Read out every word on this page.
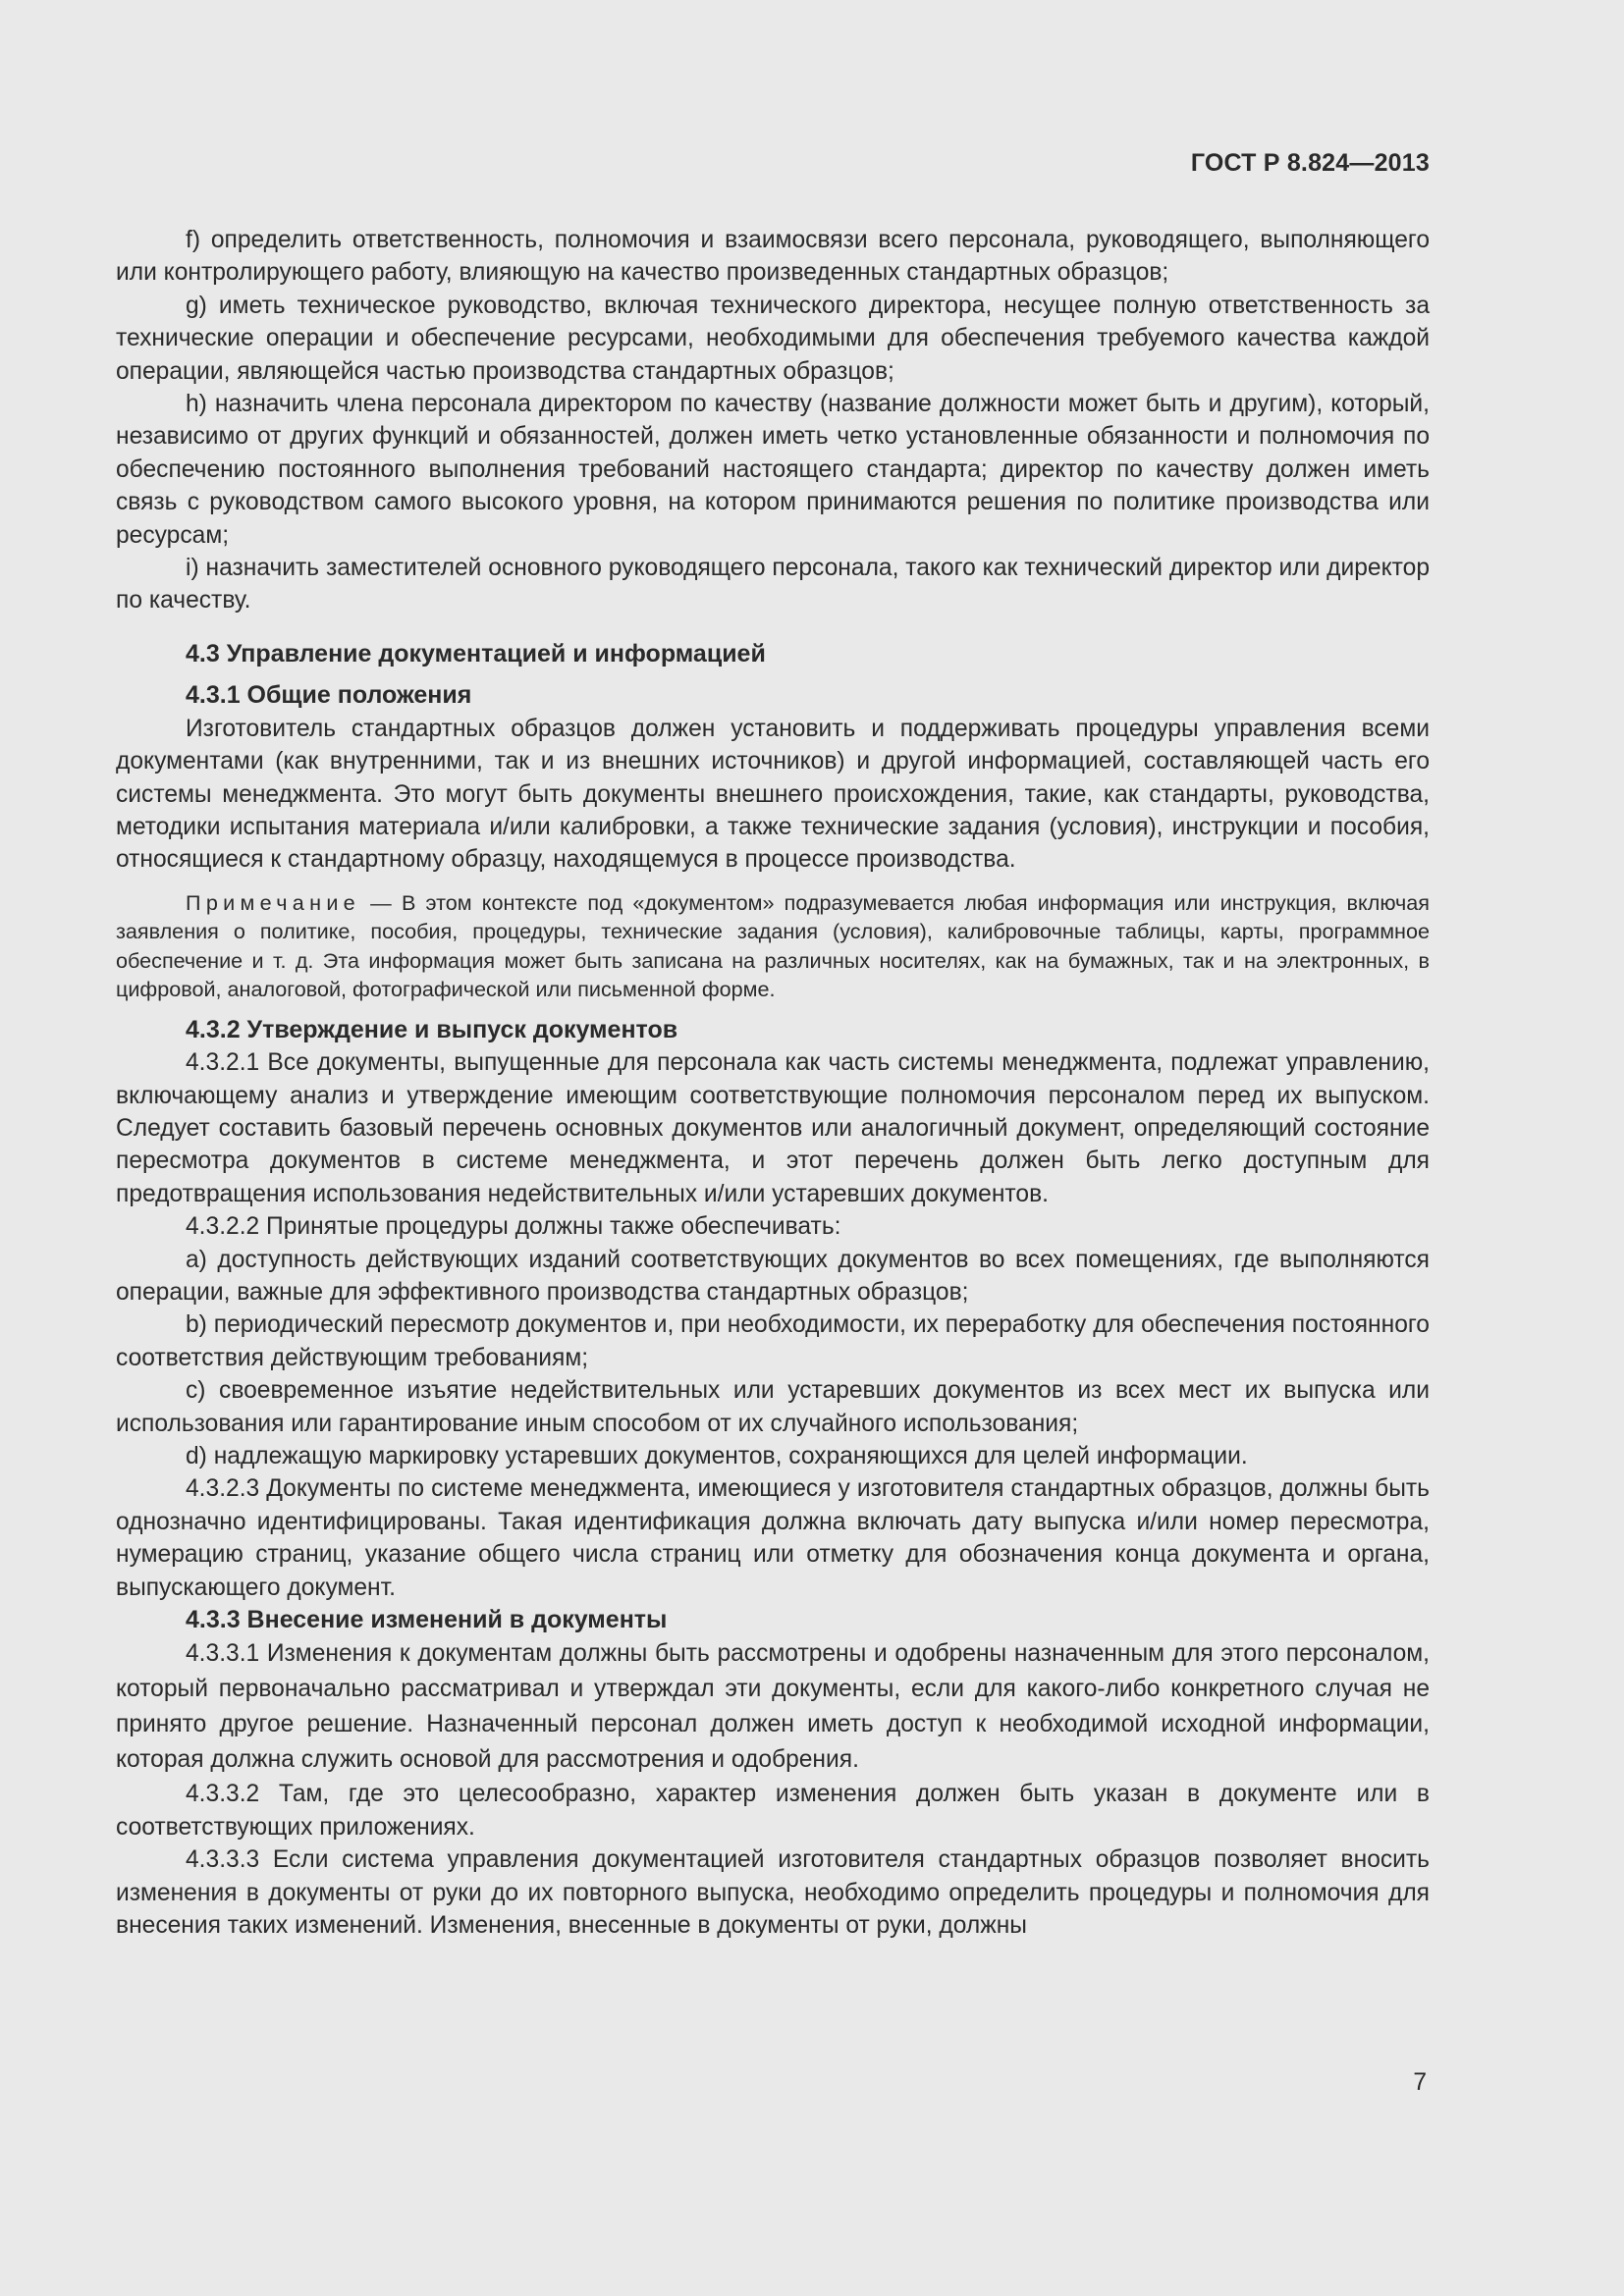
ГОСТ Р 8.824—2013

f) определить ответственность, полномочия и взаимосвязи всего персонала, руководящего, выполняющего или контролирующего работу, влияющую на качество произведенных стандартных образцов;

g) иметь техническое руководство, включая технического директора, несущее полную ответственность за технические операции и обеспечение ресурсами, необходимыми для обеспечения требуемого качества каждой операции, являющейся частью производства стандартных образцов;

h) назначить члена персонала директором по качеству (название должности может быть и другим), который, независимо от других функций и обязанностей, должен иметь четко установленные обязанности и полномочия по обеспечению постоянного выполнения требований настоящего стандарта; директор по качеству должен иметь связь с руководством самого высокого уровня, на котором принимаются решения по политике производства или ресурсам;

i) назначить заместителей основного руководящего персонала, такого как технический директор или директор по качеству.

4.3 Управление документацией и информацией
4.3.1 Общие положения

Изготовитель стандартных образцов должен установить и поддерживать процедуры управления всеми документами (как внутренними, так и из внешних источников) и другой информацией, составляющей часть его системы менеджмента. Это могут быть документы внешнего происхождения, такие, как стандарты, руководства, методики испытания материала и/или калибровки, а также технические задания (условия), инструкции и пособия, относящиеся к стандартному образцу, находящемуся в процессе производства.

Примечание — В этом контексте под «документом» подразумевается любая информация или инструкция, включая заявления о политике, пособия, процедуры, технические задания (условия), калибровочные таблицы, карты, программное обеспечение и т. д. Эта информация может быть записана на различных носителях, как на бумажных, так и на электронных, в цифровой, аналоговой, фотографической или письменной форме.

4.3.2 Утверждение и выпуск документов

4.3.2.1 Все документы, выпущенные для персонала как часть системы менеджмента, подлежат управлению, включающему анализ и утверждение имеющим соответствующие полномочия персоналом перед их выпуском. Следует составить базовый перечень основных документов или аналогичный документ, определяющий состояние пересмотра документов в системе менеджмента, и этот перечень должен быть легко доступным для предотвращения использования недействительных и/или устаревших документов.

4.3.2.2 Принятые процедуры должны также обеспечивать:

a) доступность действующих изданий соответствующих документов во всех помещениях, где выполняются операции, важные для эффективного производства стандартных образцов;

b) периодический пересмотр документов и, при необходимости, их переработку для обеспечения постоянного соответствия действующим требованиям;

c) своевременное изъятие недействительных или устаревших документов из всех мест их выпуска или использования или гарантирование иным способом от их случайного использования;

d) надлежащую маркировку устаревших документов, сохраняющихся для целей информации.

4.3.2.3 Документы по системе менеджмента, имеющиеся у изготовителя стандартных образцов, должны быть однозначно идентифицированы. Такая идентификация должна включать дату выпуска и/или номер пересмотра, нумерацию страниц, указание общего числа страниц или отметку для обозначения конца документа и органа, выпускающего документ.

4.3.3 Внесение изменений в документы

4.3.3.1 Изменения к документам должны быть рассмотрены и одобрены назначенным для этого персоналом, который первоначально рассматривал и утверждал эти документы, если для какого-либо конкретного случая не принято другое решение. Назначенный персонал должен иметь доступ к необходимой исходной информации, которая должна служить основой для рассмотрения и одобрения.

4.3.3.2 Там, где это целесообразно, характер изменения должен быть указан в документе или в соответствующих приложениях.

4.3.3.3 Если система управления документацией изготовителя стандартных образцов позволяет вносить изменения в документы от руки до их повторного выпуска, необходимо определить процедуры и полномочия для внесения таких изменений. Изменения, внесенные в документы от руки, должны

7
